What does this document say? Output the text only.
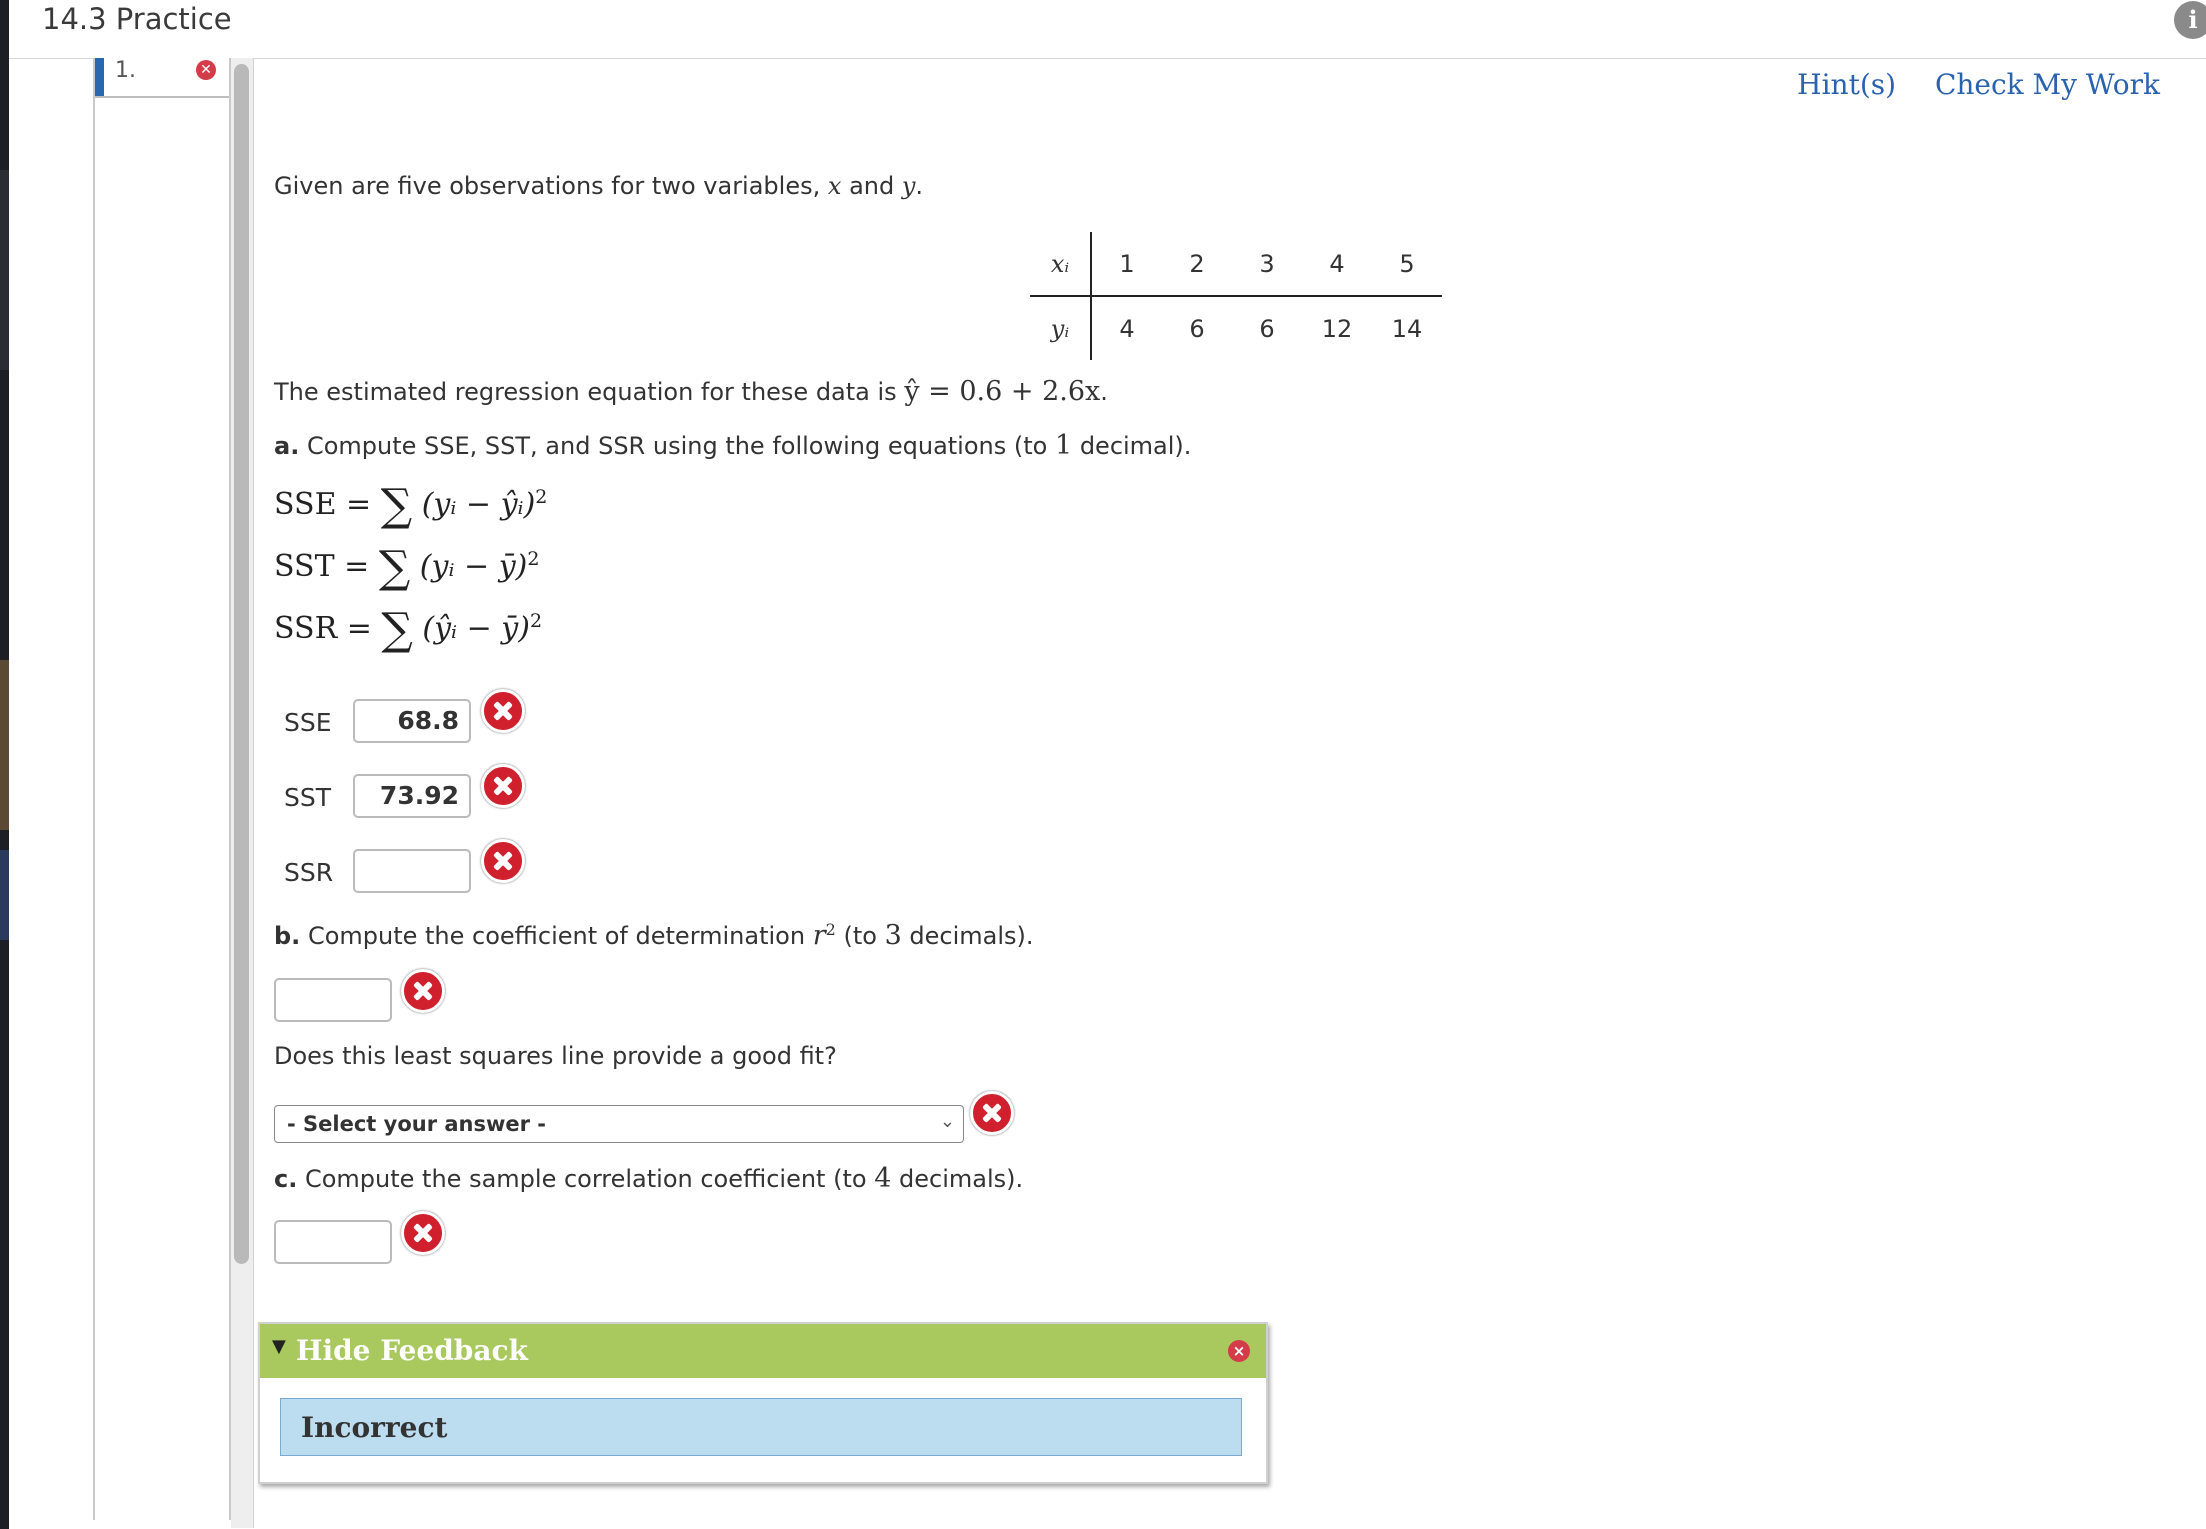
14.3 Practice	i
1.	✕	Hint(s) Check My Work
Given are five observations for two variables, x and y.
xᵢ	1	2	3	4	5
yᵢ	4	6	6	12	14
The estimated regression equation for these data is ŷ = 0.6 + 2.6x.
a. Compute SSE, SST, and SSR using the following equations (to 1 decimal).
SSE = ∑ (yᵢ − ŷᵢ)$^2$
SST = ∑ (yᵢ − ȳ)$^2$
SSR = ∑ (ŷᵢ − ȳ)$^2$
SSE	68.8
SST	73.92
SSR
b. Compute the coefficient of determination $r^2$ (to 3 decimals).
Does this least squares line provide a good fit?
- Select your answer -	⌄
c. Compute the sample correlation coefficient (to 4 decimals).
▼ Hide Feedback	×
Incorrect
